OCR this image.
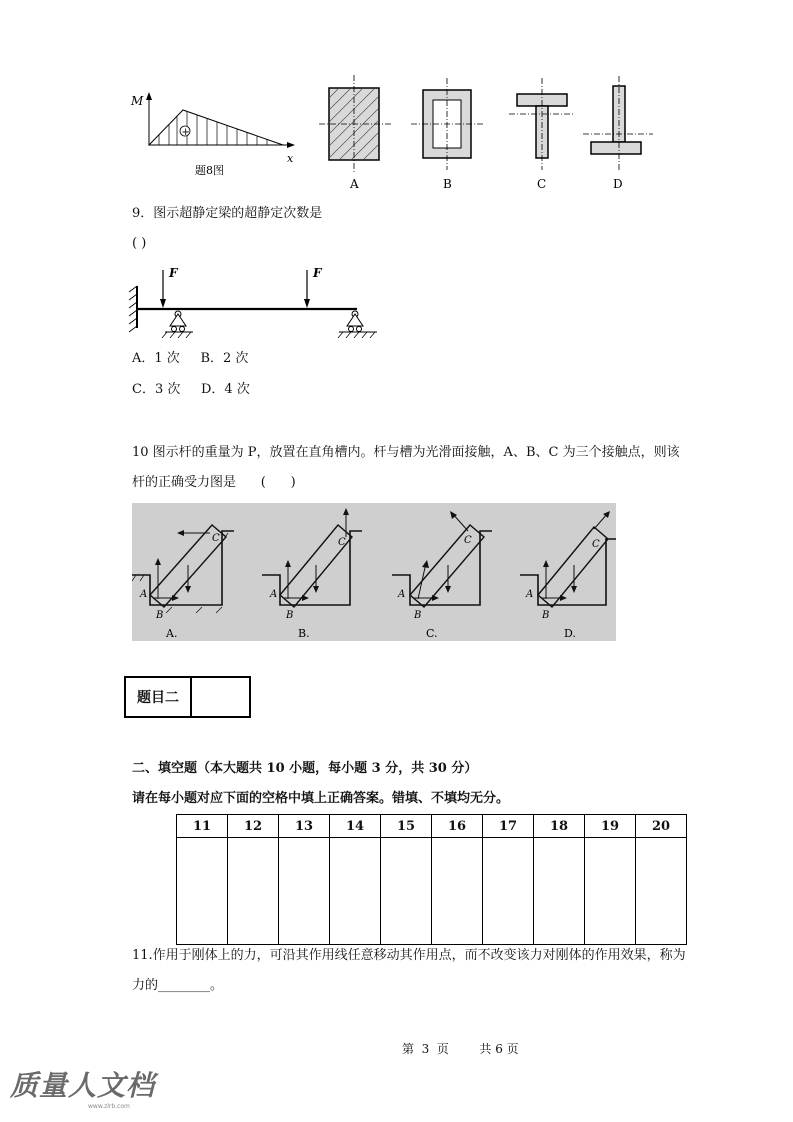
M
x
+
题8图
A	B	C	D
9．图示超静定梁的超静定次数是
( )
F	F
A．1 次     B．2 次
C．3 次     D．4 次
10 图示杆的重量为 P，放置在直角槽内。杆与槽为光滑面接触，A、B、C 为三个接触点，则该
杆的正确受力图是      (      )
A
B
C
A.
A
B
C
B.
A
B
C
C.
A
B
C
D.
题目二
二、填空题（本大题共 10 小题，每小题 3 分，共 30 分）
请在每小题对应下面的空格中填上正确答案。错填、不填均无分。
11	12	13	14	15	16	17	18	19	20

11.作用于刚体上的力，可沿其作用线任意移动其作用点，而不改变该力对刚体的作用效果，称为
力的________。
第  3  页        共 6 页
质量人文档
www.zlrb.com
